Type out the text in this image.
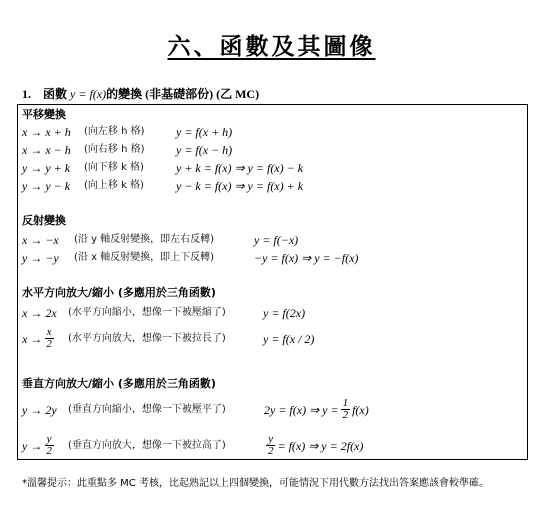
六、函數及其圖像
1. 函數 y = f(x)的變換 (非基礎部份) (乙 MC)
平移變換
x → x + h	(向左移 h 格)	y = f(x + h)
x → x − h	(向右移 h 格)	y = f(x − h)
y → y + k	(向下移 k 格)	y + k = f(x) ⇒ y = f(x) − k
y → y − k	(向上移 k 格)	y − k = f(x) ⇒ y = f(x) + k
反射變換
x → −x	(沿 y 軸反射變換，即左右反轉)	y = f(−x)
y → −y	(沿 x 軸反射變換，即上下反轉)	−y = f(x) ⇒ y = −f(x)
水平方向放大/縮小 (多應用於三角函數)
x → 2x	(水平方向縮小，想像一下被壓縮了)	y = f(2x)
$x \to \frac{x}{2}$ (水平方向放大，想像一下被拉長了)	y = f(x / 2)
垂直方向放大/縮小 (多應用於三角函數)
y → 2y	(垂直方向縮小，想像一下被壓平了)	2y = f(x) ⇒ $y = \frac{1}{2} f(x)$
$y \to \frac{y}{2}$ (垂直方向放大，想像一下被拉高了)	$\frac{y}{2} = f(x)$ ⇒ y = 2f(x)
*溫馨提示：此重點多 MC 考核，比起熟記以上四個變換，可能情況下用代數方法找出答案應該會較準確。
